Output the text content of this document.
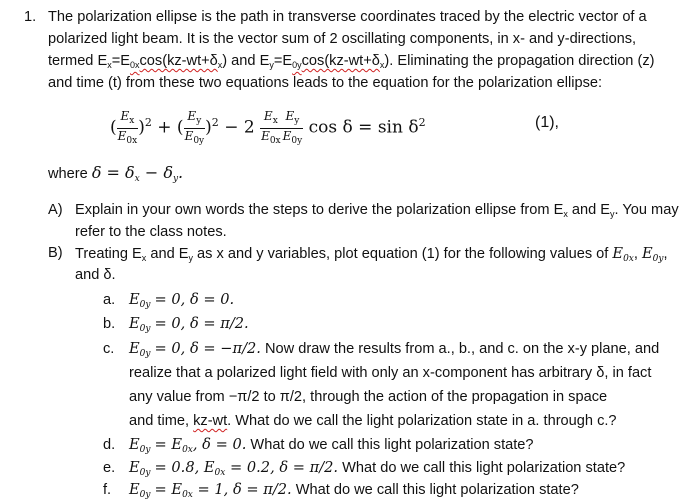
1. The polarization ellipse is the path in transverse coordinates traced by the electric vector of a
polarized light beam. It is the vector sum of 2 oscillating components, in x- and y-directions,
termed $E_x=E_{0x}\cos(kz-wt+\delta_x)$ and $E_y=E_{0y}\cos(kz-wt+\delta_x)$. Eliminating the propagation direction (z)
and time (t) from these two equations leads to the equation for the polarization ellipse:
( $\frac{E_x}{E_{0x}} )^2$ + ( $\frac{E_y}{E_{0y}} )^2 - 2 \frac{E_x}{E_{0x}} \frac{E_y}{E_{0y}}$ $\cos \delta = \sin \delta^2$	(1),
where $\delta = \delta_x - \delta_y$.
A) Explain in your own words the steps to derive the polarization ellipse from $E_x$ and $E_y$. You may
refer to the class notes.
B) Treating $E_x$ and $E_y$ as x and y variables, plot equation (1) for the following values of $E_{0x}$, $E_{0y}$,
and δ.
a. $E_{0y} = 0$, δ = 0.
b. $E_{0y} = 0$, δ = π/2.
c. $E_{0y} = 0$, δ = −π/2. Now draw the results from a., b., and c. on the x-y plane, and
realize that a polarized light field with only an x-component has arbitrary δ, in fact
any value from −π/2 to π/2, through the action of the propagation in space
and time, kz-wt. What do we call the light polarization state in a. through c.?
d. $E_{0y} = E_{0x}$, δ = 0. What do we call this light polarization state?
e. $E_{0y} = 0.8$, $E_{0x} = 0.2$, δ = π/2. What do we call this light polarization state?
f. $E_{0y} = E_{0x} = 1$, δ = π/2. What do we call this light polarization state?
